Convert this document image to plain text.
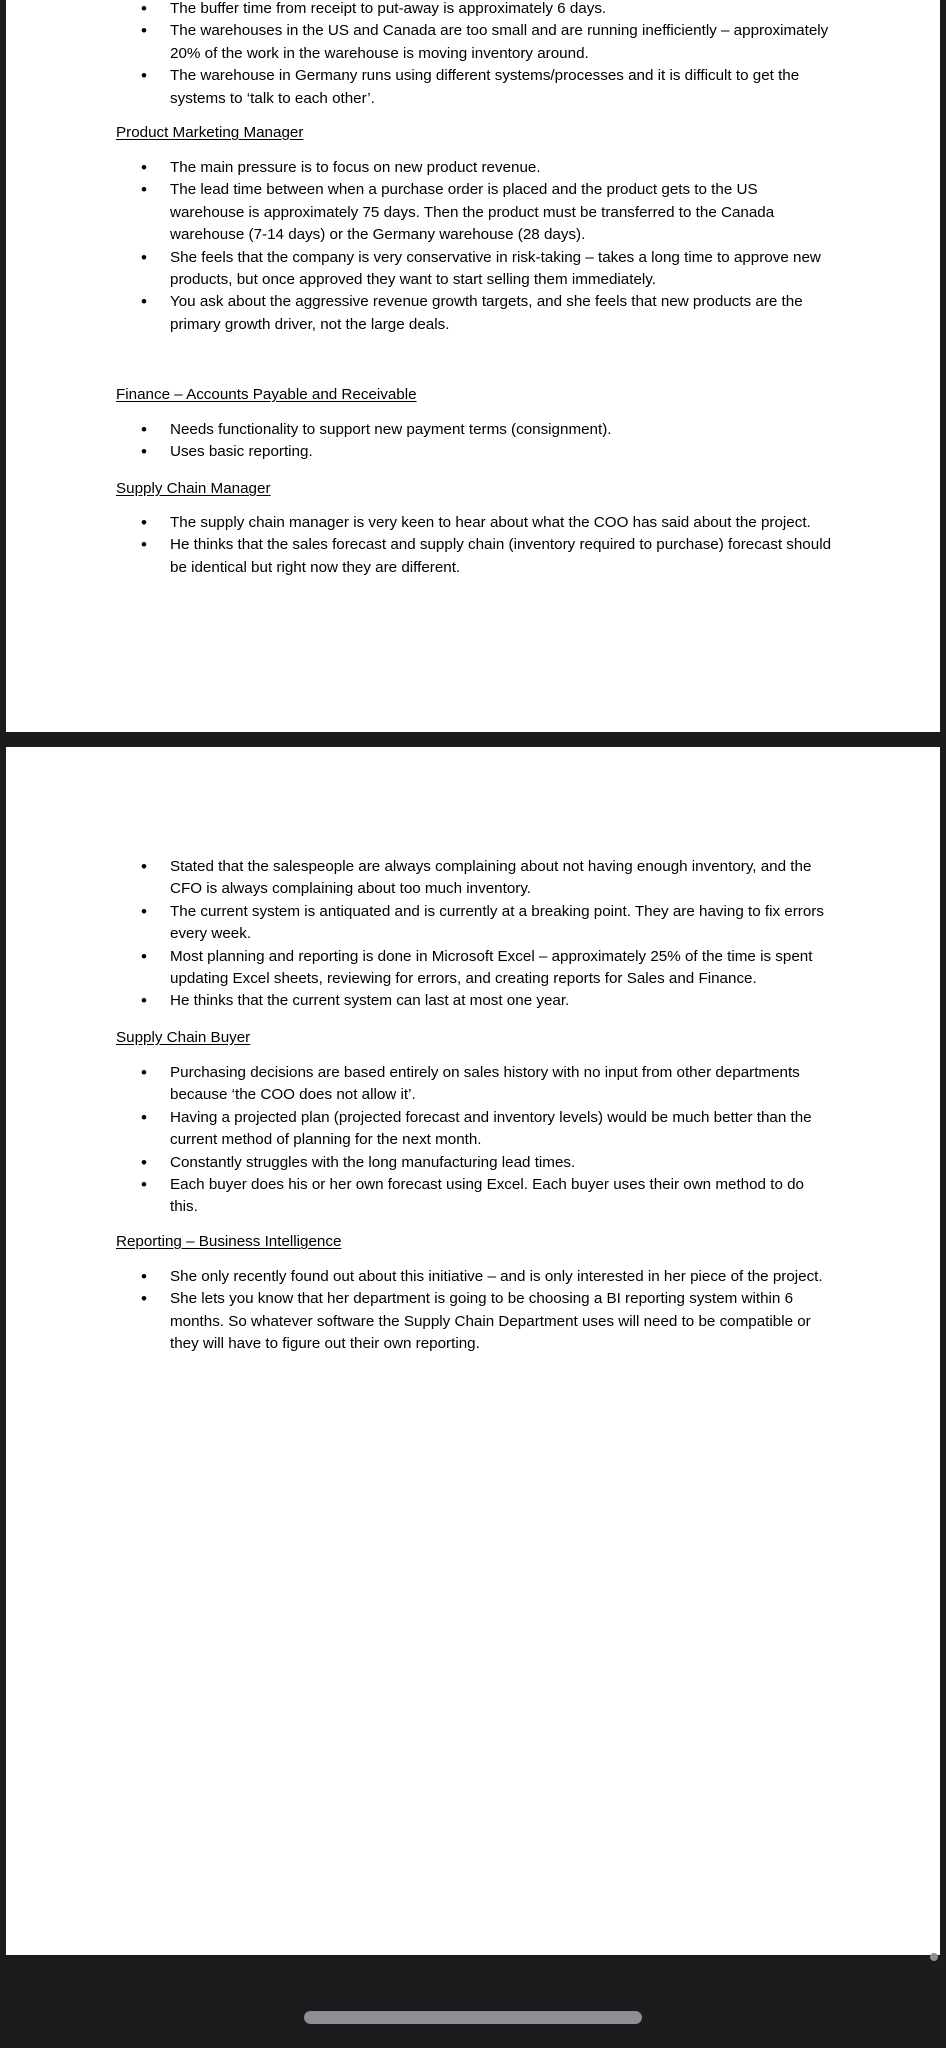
• The buffer time from receipt to put-away is approximately 6 days.
• The warehouses in the US and Canada are too small and are running inefficiently – approximately 20% of the work in the warehouse is moving inventory around.
• The warehouse in Germany runs using different systems/processes and it is difficult to get the systems to ‘talk to each other’.
Product Marketing Manager
• The main pressure is to focus on new product revenue.
• The lead time between when a purchase order is placed and the product gets to the US warehouse is approximately 75 days. Then the product must be transferred to the Canada warehouse (7-14 days) or the Germany warehouse (28 days).
• She feels that the company is very conservative in risk-taking – takes a long time to approve new products, but once approved they want to start selling them immediately.
• You ask about the aggressive revenue growth targets, and she feels that new products are the primary growth driver, not the large deals.
Finance – Accounts Payable and Receivable
• Needs functionality to support new payment terms (consignment).
• Uses basic reporting.
Supply Chain Manager
• The supply chain manager is very keen to hear about what the COO has said about the project.
• He thinks that the sales forecast and supply chain (inventory required to purchase) forecast should be identical but right now they are different.
• Stated that the salespeople are always complaining about not having enough inventory, and the CFO is always complaining about too much inventory.
• The current system is antiquated and is currently at a breaking point. They are having to fix errors every week.
• Most planning and reporting is done in Microsoft Excel – approximately 25% of the time is spent updating Excel sheets, reviewing for errors, and creating reports for Sales and Finance.
• He thinks that the current system can last at most one year.
Supply Chain Buyer
• Purchasing decisions are based entirely on sales history with no input from other departments because ‘the COO does not allow it’.
• Having a projected plan (projected forecast and inventory levels) would be much better than the current method of planning for the next month.
• Constantly struggles with the long manufacturing lead times.
• Each buyer does his or her own forecast using Excel. Each buyer uses their own method to do this.
Reporting – Business Intelligence
• She only recently found out about this initiative – and is only interested in her piece of the project.
• She lets you know that her department is going to be choosing a BI reporting system within 6 months. So whatever software the Supply Chain Department uses will need to be compatible or they will have to figure out their own reporting.
